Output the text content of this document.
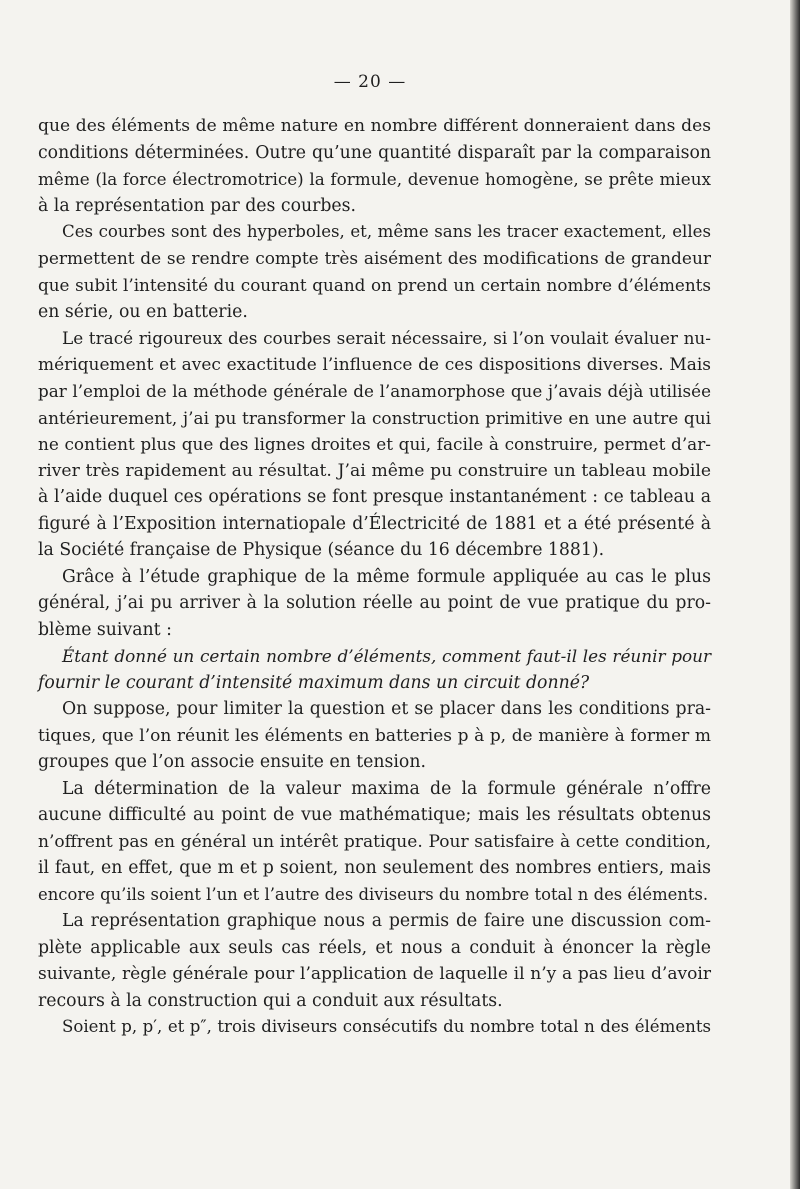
— 20 —
que des éléments de même nature en nombre différent donneraient dans des
conditions déterminées. Outre qu’une quantité disparaît par la comparaison
même (la force électromotrice) la formule, devenue homogène, se prête mieux
à la représentation par des courbes.
Ces courbes sont des hyperboles, et, même sans les tracer exactement, elles
permettent de se rendre compte très aisément des modifications de grandeur
que subit l’intensité du courant quand on prend un certain nombre d’éléments
en série, ou en batterie.
Le tracé rigoureux des courbes serait nécessaire, si l’on voulait évaluer nu-
mériquement et avec exactitude l’influence de ces dispositions diverses. Mais
par l’emploi de la méthode générale de l’anamorphose que j’avais déjà utilisée
antérieurement, j’ai pu transformer la construction primitive en une autre qui
ne contient plus que des lignes droites et qui, facile à construire, permet d’ar-
river très rapidement au résultat. J’ai même pu construire un tableau mobile
à l’aide duquel ces opérations se font presque instantanément : ce tableau a
figuré à l’Exposition internatiopale d’Électricité de 1881 et a été présenté à
la Société française de Physique (séance du 16 décembre 1881).
Grâce à l’étude graphique de la même formule appliquée au cas le plus
général, j’ai pu arriver à la solution réelle au point de vue pratique du pro-
blème suivant :
Étant donné un certain nombre d’éléments, comment faut-il les réunir pour
fournir le courant d’intensité maximum dans un circuit donné?
On suppose, pour limiter la question et se placer dans les conditions pra-
tiques, que l’on réunit les éléments en batteries p à p, de manière à former m
groupes que l’on associe ensuite en tension.
La détermination de la valeur maxima de la formule générale n’offre
aucune difficulté au point de vue mathématique; mais les résultats obtenus
n’offrent pas en général un intérêt pratique. Pour satisfaire à cette condition,
il faut, en effet, que m et p soient, non seulement des nombres entiers, mais
encore qu’ils soient l’un et l’autre des diviseurs du nombre total n des éléments.
La représentation graphique nous a permis de faire une discussion com-
plète applicable aux seuls cas réels, et nous a conduit à énoncer la règle
suivante, règle générale pour l’application de laquelle il n’y a pas lieu d’avoir
recours à la construction qui a conduit aux résultats.
Soient p, p′, et p″, trois diviseurs consécutifs du nombre total n des éléments
